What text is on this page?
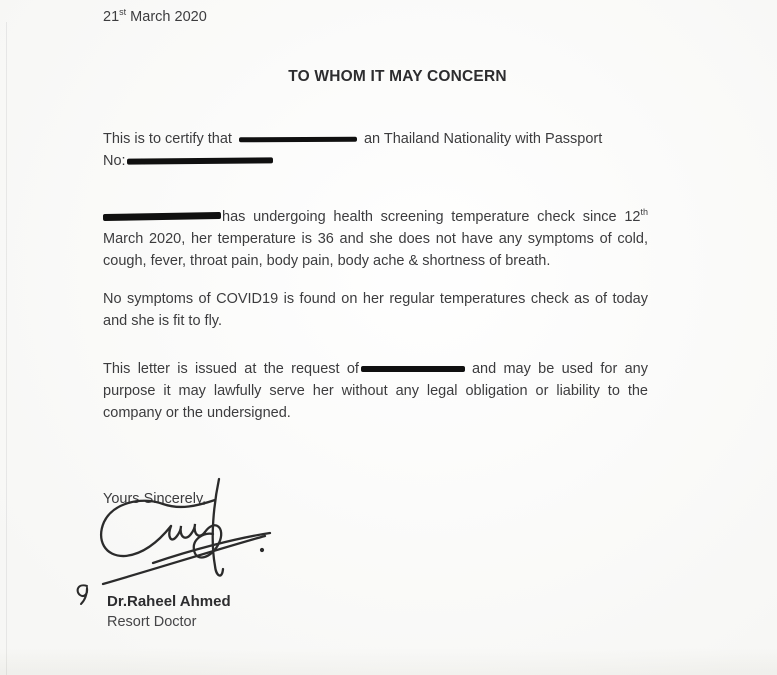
21st March 2020
TO WHOM IT MAY CONCERN
This is to certify that	an Thailand Nationality with Passport
No:
has undergoing health screening temperature check since 12th March 2020, her temperature is 36 and she does not have any symptoms of cold, cough, fever, throat pain, body pain, body ache & shortness of breath.
No symptoms of COVID19 is found on her regular temperatures check as of today and she is fit to fly.
This letter is issued at the request of	and may be used for any purpose it may lawfully serve her without any legal obligation or liability to the company or the undersigned.
Yours Sincerely,
Dr.Raheel Ahmed
Resort Doctor
